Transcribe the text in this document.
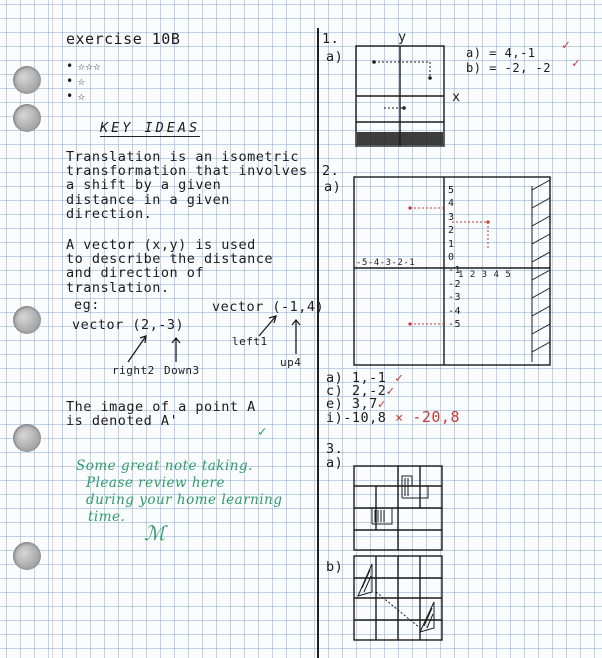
exercise 10B
• ☆☆☆
• ☆
• ☆
KEY IDEAS
Translation is an isometric
transformation that involves
a shift by a given
distance in a given
direction.
A vector (x,y) is used
to describe the distance
and direction of
translation.
eg:
vector (2,-3)
vector (-1,4)
right2 Down3
left1
up4
The image of a point A
is denoted A'
✓
Some great note taking.
Please review here
during your home learning
time.
ℳ
1.
a)
y
x
a) = 4,-1
b) = -2, -2
✓
✓
2.
a)	5
4
3
2
1
0
-1
-2
-3
-4
-5
-5-4-3-2-1
1 2 3 4 5
a) 1,-1 ✓
c) 2,-2✓
e) 3,7✓
i)-10,8 × -20,8
3.
a)
b)
